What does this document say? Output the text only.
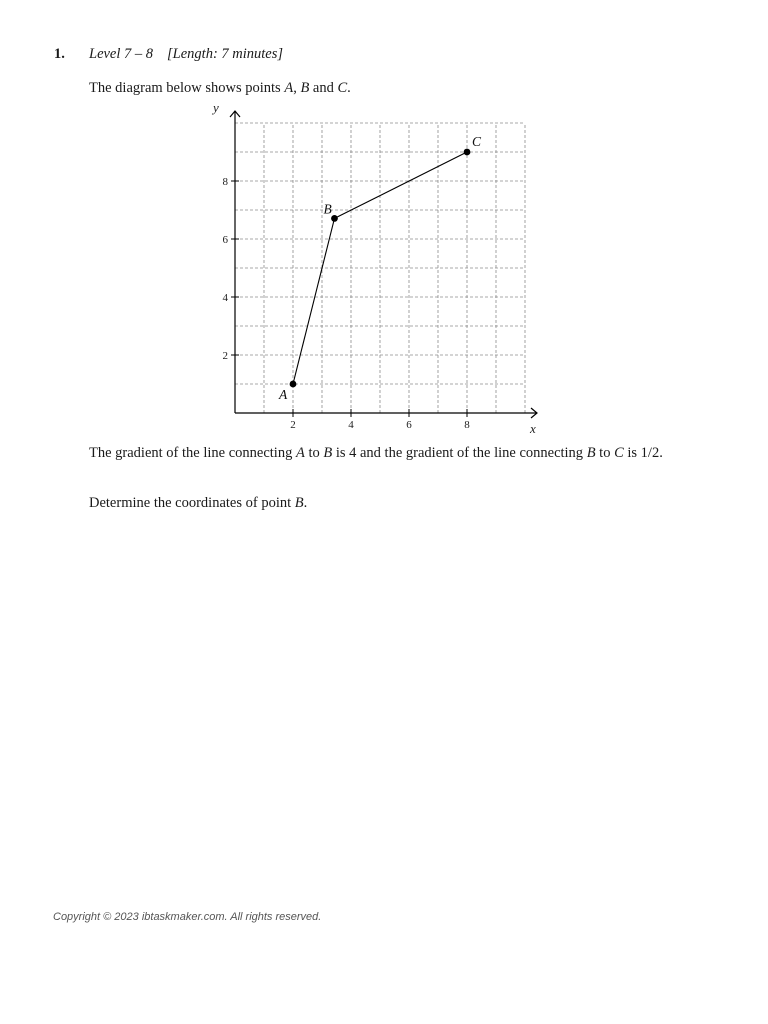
1. Level 7 – 8 [Length: 7 minutes]
The diagram below shows points A, B and C.
x
y
2	4	6	8
2
4
6
8
A
B
C
The gradient of the line connecting A to B is 4 and the gradient of the line connecting B to C is 1/2.
Determine the coordinates of point B.
Copyright © 2023 ibtaskmaker.com. All rights reserved.
